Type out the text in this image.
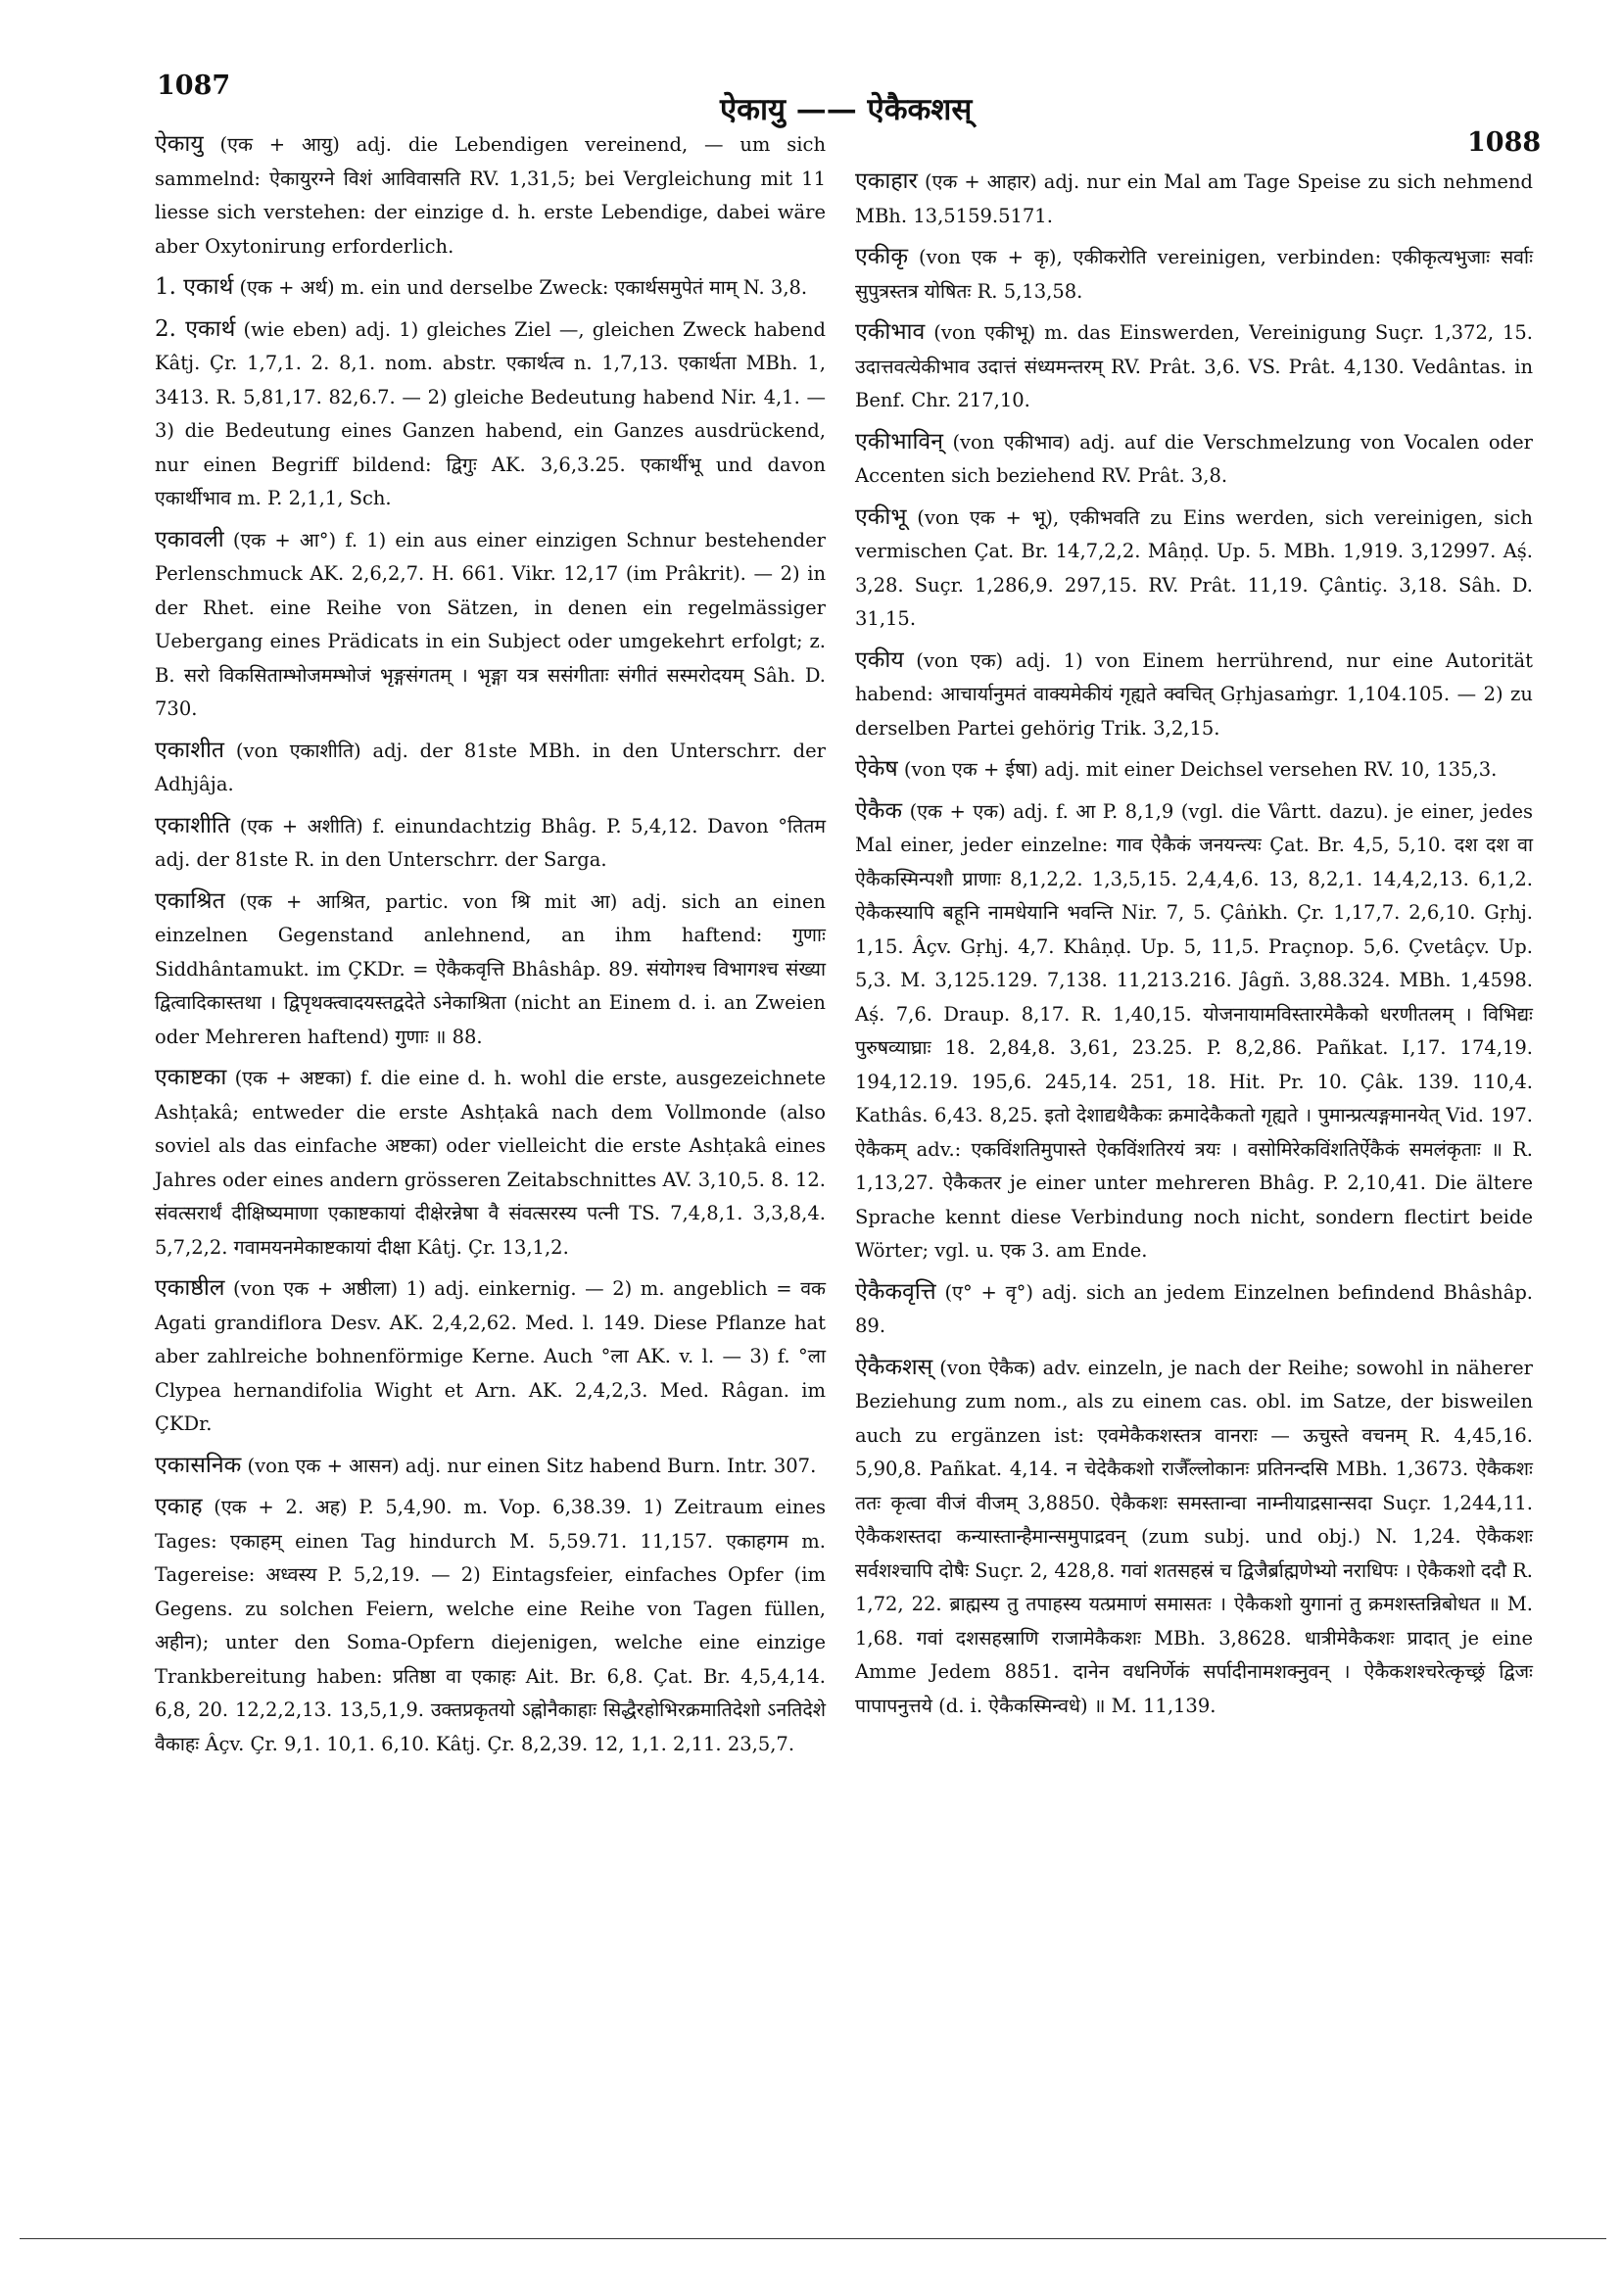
1087
ऐकायु —— ऐकैकशस्
1088

ऐकायु (एक + आयु) adj. die Lebendigen vereinend, — um sich sammelnd: ऐकायुरग्ने विशं आविवासति RV. 1,31,5; bei Vergleichung mit 11 liesse sich verstehen: der einzige d. h. erste Lebendige, dabei wäre aber Oxytonirung erforderlich.

1. एकार्थ (एक + अर्थ) m. ein und derselbe Zweck: एकार्थसमुपेतं माम् N. 3,8.

2. एकार्थ (wie eben) adj. 1) gleiches Ziel —, gleichen Zweck habend Kâtj. Çr. 1,7,1. 2. 8,1. nom. abstr. एकार्थत्व n. 1,7,13. एकार्थता MBh. 1, 3413. R. 5,81,17. 82,6.7. — 2) gleiche Bedeutung habend Nir. 4,1. — 3) die Bedeutung eines Ganzen habend, ein Ganzes ausdrückend, nur einen Begriff bildend: द्विगुः AK. 3,6,3.25. एकार्थीभू und davon एकार्थीभाव m. P. 2,1,1, Sch.

एकावली (एक + आ°) f. 1) ein aus einer einzigen Schnur bestehender Perlenschmuck AK. 2,6,2,7. H. 661. Vikr. 12,17 (im Prâkrit). — 2) in der Rhet. eine Reihe von Sätzen, in denen ein regelmässiger Uebergang eines Prädicats in ein Subject oder umgekehrt erfolgt; z. B. सरो विकसिताम्भोजमम्भोजं भृङ्गसंगतम् । भृङ्गा यत्र ससंगीताः संगीतं सस्मरोदयम् Sâh. D. 730.

एकाशीत (von एकाशीति) adj. der 81ste MBh. in den Unterschrr. der Adhjâja.

एकाशीति (एक + अशीति) f. einundachtzig Bhâg. P. 5,4,12. Davon °तितम adj. der 81ste R. in den Unterschrr. der Sarga.

एकाश्रित (एक + आश्रित, partic. von श्रि mit आ) adj. sich an einen einzelnen Gegenstand anlehnend, an ihm haftend: गुणाः Siddhântamukt. im ÇKDr. = ऐकैकवृत्ति Bhâshâp. 89. संयोगश्च विभागश्च संख्या द्वित्वादिकास्तथा । द्विपृथक्त्वादयस्तद्वदेते ऽनेकाश्रिता (nicht an Einem d. i. an Zweien oder Mehreren haftend) गुणाः ॥ 88.

एकाष्टका (एक + अष्टका) f. die eine d. h. wohl die erste, ausgezeichnete Ashṭakâ; entweder die erste Ashṭakâ nach dem Vollmonde (also soviel als das einfache अष्टका) oder vielleicht die erste Ashṭakâ eines Jahres oder eines andern grösseren Zeitabschnittes AV. 3,10,5. 8. 12. संवत्सरार्थं दीक्षिष्यमाणा एकाष्टकायां दीक्षेरन्नेषा वै संवत्सरस्य पत्नी TS. 7,4,8,1. 3,3,8,4. 5,7,2,2. गवामयनमेकाष्टकायां दीक्षा Kâtj. Çr. 13,1,2.

एकाष्ठील (von एक + अष्ठीला) 1) adj. einkernig. — 2) m. angeblich = वक Agati grandiflora Desv. AK. 2,4,2,62. Med. l. 149. Diese Pflanze hat aber zahlreiche bohnenförmige Kerne. Auch °ला AK. v. l. — 3) f. °ला Clypea hernandifolia Wight et Arn. AK. 2,4,2,3. Med. Râgan. im ÇKDr.

एकासनिक (von एक + आसन) adj. nur einen Sitz habend Burn. Intr. 307.

एकाह (एक + 2. अह) P. 5,4,90. m. Vop. 6,38.39. 1) Zeitraum eines Tages: एकाहम् einen Tag hindurch M. 5,59.71. 11,157. एकाहगम m. Tagereise: अध्वस्य P. 5,2,19. — 2) Eintagsfeier, einfaches Opfer (im Gegens. zu solchen Feiern, welche eine Reihe von Tagen füllen, अहीन); unter den Soma-Opfern diejenigen, welche eine einzige Trankbereitung haben: प्रतिष्ठा वा एकाहः Ait. Br. 6,8. Çat. Br. 4,5,4,14. 6,8, 20. 12,2,2,13. 13,5,1,9. उक्तप्रकृतयो ऽह्नोनैकाहाः सिद्धैरहोभिरक्रमातिदेशो ऽनतिदेशे वैकाहः Âçv. Çr. 9,1. 10,1. 6,10. Kâtj. Çr. 8,2,39. 12, 1,1. 2,11. 23,5,7.

एकाहार (एक + आहार) adj. nur ein Mal am Tage Speise zu sich nehmend MBh. 13,5159.5171.

एकीकृ (von एक + कृ), एकीकरोति vereinigen, verbinden: एकीकृत्यभुजाः सर्वाः सुपुत्रस्तत्र योषितः R. 5,13,58.

एकीभाव (von एकीभू) m. das Einswerden, Vereinigung Suçr. 1,372, 15. उदात्तवत्येकीभाव उदात्तं संध्यमन्तरम् RV. Prât. 3,6. VS. Prât. 4,130. Vedântas. in Benf. Chr. 217,10.

एकीभाविन् (von एकीभाव) adj. auf die Verschmelzung von Vocalen oder Accenten sich beziehend RV. Prât. 3,8.

एकीभू (von एक + भू), एकीभवति zu Eins werden, sich vereinigen, sich vermischen Çat. Br. 14,7,2,2. Mâṇḍ. Up. 5. MBh. 1,919. 3,12997. Aṣ́. 3,28. Suçr. 1,286,9. 297,15. RV. Prât. 11,19. Çântiç. 3,18. Sâh. D. 31,15.

एकीय (von एक) adj. 1) von Einem herrührend, nur eine Autorität habend: आचार्यानुमतं वाक्यमेकीयं गृह्यते क्वचित् Gṛhjasaṁgr. 1,104.105. — 2) zu derselben Partei gehörig Trik. 3,2,15.

ऐकेष (von एक + ईषा) adj. mit einer Deichsel versehen RV. 10, 135,3.

ऐकैक (एक + एक) adj. f. आ P. 8,1,9 (vgl. die Vârtt. dazu). je einer, jedes Mal einer, jeder einzelne: गाव ऐकैकं जनयन्त्यः Çat. Br. 4,5, 5,10. दश दश वा ऐकैकस्मिन्पशौ प्राणाः 8,1,2,2. 1,3,5,15. 2,4,4,6. 13, 8,2,1. 14,4,2,13. 6,1,2. ऐकैकस्यापि बहूनि नामधेयानि भवन्ति Nir. 7, 5. Çâṅkh. Çr. 1,17,7. 2,6,10. Gṛhj. 1,15. Âçv. Gṛhj. 4,7. Khâṇḍ. Up. 5, 11,5. Praçnop. 5,6. Çvetâçv. Up. 5,3. M. 3,125.129. 7,138. 11,213.216. Jâgñ. 3,88.324. MBh. 1,4598. Aṣ́. 7,6. Draup. 8,17. R. 1,40,15. योजनायामविस्तारमेकैको धरणीतलम् । विभिद्यः पुरुषव्याघ्राः 18. 2,84,8. 3,61, 23.25. P. 8,2,86. Pañkat. I,17. 174,19. 194,12.19. 195,6. 245,14. 251, 18. Hit. Pr. 10. Çâk. 139. 110,4. Kathâs. 6,43. 8,25. इतो देशाद्यथैकैकः क्रमादेकैकतो गृह्यते । पुमान्प्रत्यङ्गमानयेत् Vid. 197. ऐकैकम् adv.: एकविंशतिमुपास्ते ऐकविंशतिरयं त्रयः । वसोमिरेकविंशतिर्ऐकैकं समलंकृताः ॥ R. 1,13,27. ऐकैकतर je einer unter mehreren Bhâg. P. 2,10,41. Die ältere Sprache kennt diese Verbindung noch nicht, sondern flectirt beide Wörter; vgl. u. एक 3. am Ende.

ऐकैकवृत्ति (ए° + वृ°) adj. sich an jedem Einzelnen befindend Bhâshâp. 89.

ऐकैकशस् (von ऐकैक) adv. einzeln, je nach der Reihe; sowohl in näherer Beziehung zum nom., als zu einem cas. obl. im Satze, der bisweilen auch zu ergänzen ist: एवमेकैकशस्तत्र वानराः — ऊचुस्ते वचनम् R. 4,45,16. 5,90,8. Pañkat. 4,14. न चेदेकैकशो राजैँल्लोकानः प्रतिनन्दसि MBh. 1,3673. ऐकैकशः ततः कृत्वा वीजं वीजम् 3,8850. ऐकैकशः समस्तान्वा नाम्नीयाद्रसान्सदा Suçr. 1,244,11. ऐकैकशस्तदा कन्यास्तान्हैमान्समुपाद्रवन् (zum subj. und obj.) N. 1,24. ऐकैकशः सर्वशश्चापि दोषैः Suçr. 2, 428,8. गवां शतसहस्रं च द्विजैर्ब्राह्मणेभ्यो नराधिपः । ऐकैकशो ददौ R. 1,72, 22. ब्राह्मस्य तु तपाहस्य यत्प्रमाणं समासतः । ऐकैकशो युगानां तु क्रमशस्तन्निबोधत ॥ M. 1,68. गवां दशसहस्राणि राजामेकैकशः MBh. 3,8628. धात्रीमेकैकशः प्रादात् je eine Amme Jedem 8851. दानेन वधनिर्णेकं सर्पादीनामशक्नुवन् । ऐकैकशश्चरेत्कृच्छ्रं द्विजः पापापनुत्तये (d. i. ऐकैकस्मिन्वधे) ॥ M. 11,139.
